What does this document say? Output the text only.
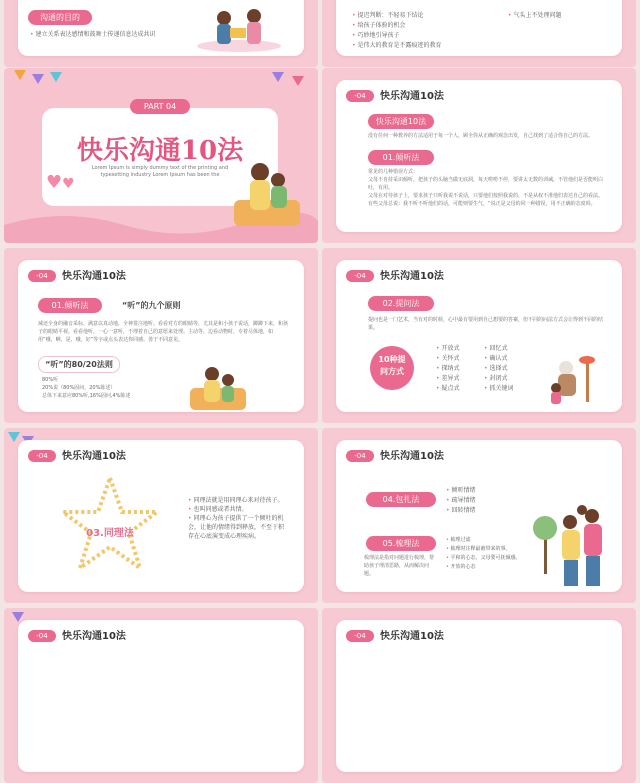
沟通的目的
• 建立关系表达感情和鼓舞士传递信息达成共识
• 提迟判断：不轻易下结论
• 给孩子体验的机会
• 巧妙地引导孩子
• 是伟大的教育是不露痕迹的教育
• 气头上不处理问题
PART 04
快乐沟通10法
Lorem Ipsum is simply dummy text of the printing and typesetting industry Lorem Ipsum has been the
♥♥
-04	快乐沟通10法
快乐沟通10法
没有任何一种教养的方法适用于每一个人，顾全你从正确的观念出发，自己找到了适合你自己的方法。
01.倾听法
常见的几种错误方式：
父母不肯持采识倾听，把孩子的头脑当做无底洞，每天唠唠不停，要讲太无数的训诫，不管他们是否能明白吐，有用。
父母在对待孩子上，要求孩子只听我说不说话，只要他们按照我说的，不是从权不准他们表达自己的看法。
有些父母总说：我不听不听他们的话，可能则要生气，“说正是父母的同一种错误，用不正确的态度吗。
-04	快乐沟通10法
01.倾听法	“听”的九个原则
减还全身的融音采标，满意以真动地，全神贯注地听。看看对方的眼睛等，尤其是和小孩子说话，蹲蹲下来，和孩子的眼睛平视。看看他听，一心一意听，不理着自己的意愿来处理。主动等，边看动物时，专着尽体地，如用“哦、啊、是、哦、好”等字或点头表达你同感。善于不同意见。
“听”的80/20法则
80%听
20%说（80%固问，20%陈述）
总体下来意应80%听,16%固问,4%陈述
-04	快乐沟通10法
02.提问法
提问也是一门艺术，当有对的时候，心中最有要用到自己想要的答案，但不同的问法方式会让得到不同的结果。
10种提问方式
• 开放式
• 关怀式
• 探纳式
• 差异式
• 疑点式
• 回忆式
• 确认式
• 选择式
• 封闭式
• 抓关键词
-04	快乐沟通10法
03.同理法
• 同理法就是用同理心来对待孩子。
• 也叫同感或者共情。
• 同理心为孩子提供了一个倾吐的机会，让他的情绪得到释放，不至于积存在心底演变成心理疾病。
-04	快乐沟通10法
04.包扎法
• 倾听情绪
• 疏导情绪
• 回转情绪
05.梳理法
梳理法是指对问题进行梳理，帮助孩子理清思路，从而解决问题。
• 梳理过滤
• 梳理时注释最被带来的事。
• 平和的心态，父母要可抚倾感。
• 开放的心态
-04	快乐沟通10法	-04	快乐沟通10法
